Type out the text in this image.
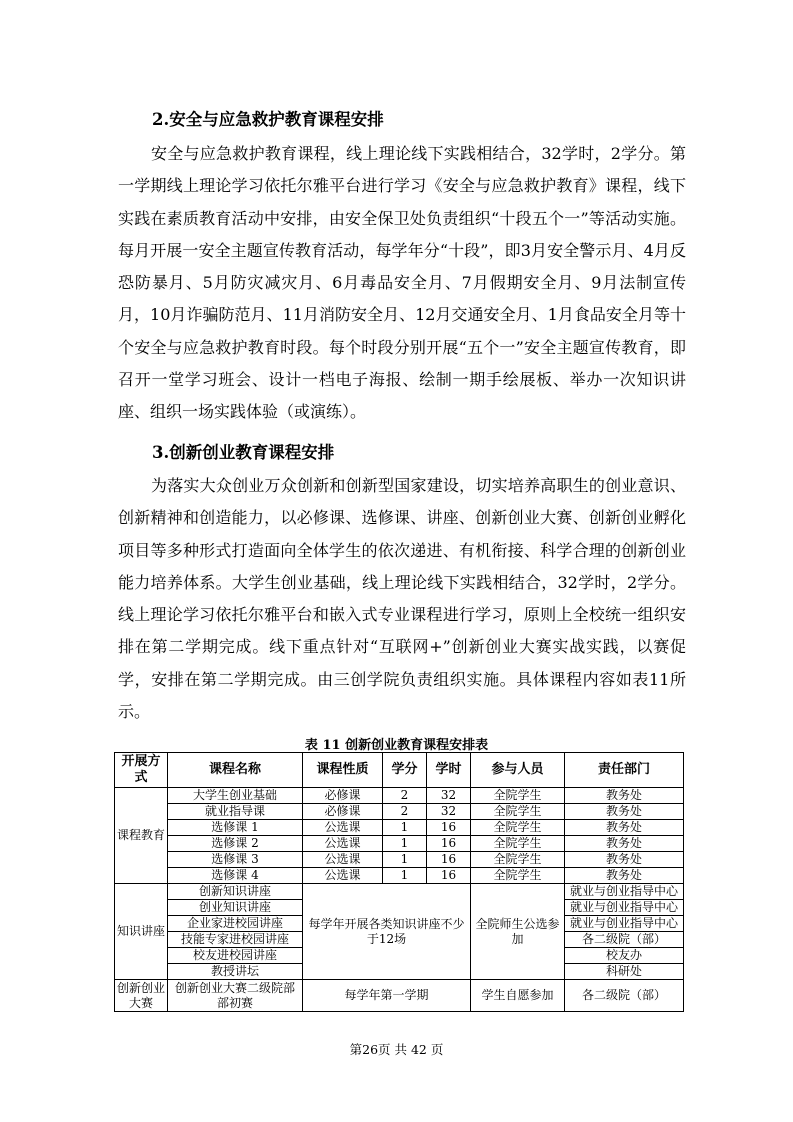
2.安全与应急救护教育课程安排

安全与应急救护教育课程，线上理论线下实践相结合，32学时，2学分。第一学期线上理论学习依托尔雅平台进行学习《安全与应急救护教育》课程，线下实践在素质教育活动中安排，由安全保卫处负责组织“十段五个一”等活动实施。每月开展一安全主题宣传教育活动，每学年分“十段”，即3月安全警示月、4月反恐防暴月、5月防灾减灾月、6月毒品安全月、7月假期安全月、9月法制宣传月，10月诈骗防范月、11月消防安全月、12月交通安全月、1月食品安全月等十个安全与应急救护教育时段。每个时段分别开展“五个一”安全主题宣传教育，即召开一堂学习班会、设计一档电子海报、绘制一期手绘展板、举办一次知识讲座、组织一场实践体验（或演练）。

3.创新创业教育课程安排

为落实大众创业万众创新和创新型国家建设，切实培养高职生的创业意识、创新精神和创造能力，以必修课、选修课、讲座、创新创业大赛、创新创业孵化项目等多种形式打造面向全体学生的依次递进、有机衔接、科学合理的创新创业能力培养体系。大学生创业基础，线上理论线下实践相结合，32学时，2学分。线上理论学习依托尔雅平台和嵌入式专业课程进行学习，原则上全校统一组织安排在第二学期完成。线下重点针对“互联网+”创新创业大赛实战实践，以赛促学，安排在第二学期完成。由三创学院负责组织实施。具体课程内容如表11所示。

表 11 创新创业教育课程安排表

开展方式	课程名称	课程性质	学分	学时	参与人员	责任部门
课程教育	大学生创业基础	必修课	2	32	全院学生	教务处
	就业指导课	必修课	2	32	全院学生	教务处
	选修课 1	公选课	1	16	全院学生	教务处
	选修课 2	公选课	1	16	全院学生	教务处
	选修课 3	公选课	1	16	全院学生	教务处
	选修课 4	公选课	1	16	全院学生	教务处
知识讲座	创新知识讲座	每学年开展各类知识讲座不少于12场			全院师生公选参加	就业与创业指导中心
	创业知识讲座					就业与创业指导中心
	企业家进校园讲座					就业与创业指导中心
	技能专家进校园讲座					各二级院（部）
	校友进校园讲座					校友办
	教授讲坛					科研处
创新创业大赛	创新创业大赛二级院部部初赛	每学年第一学期			学生自愿参加	各二级院（部）

第26页 共 42 页
